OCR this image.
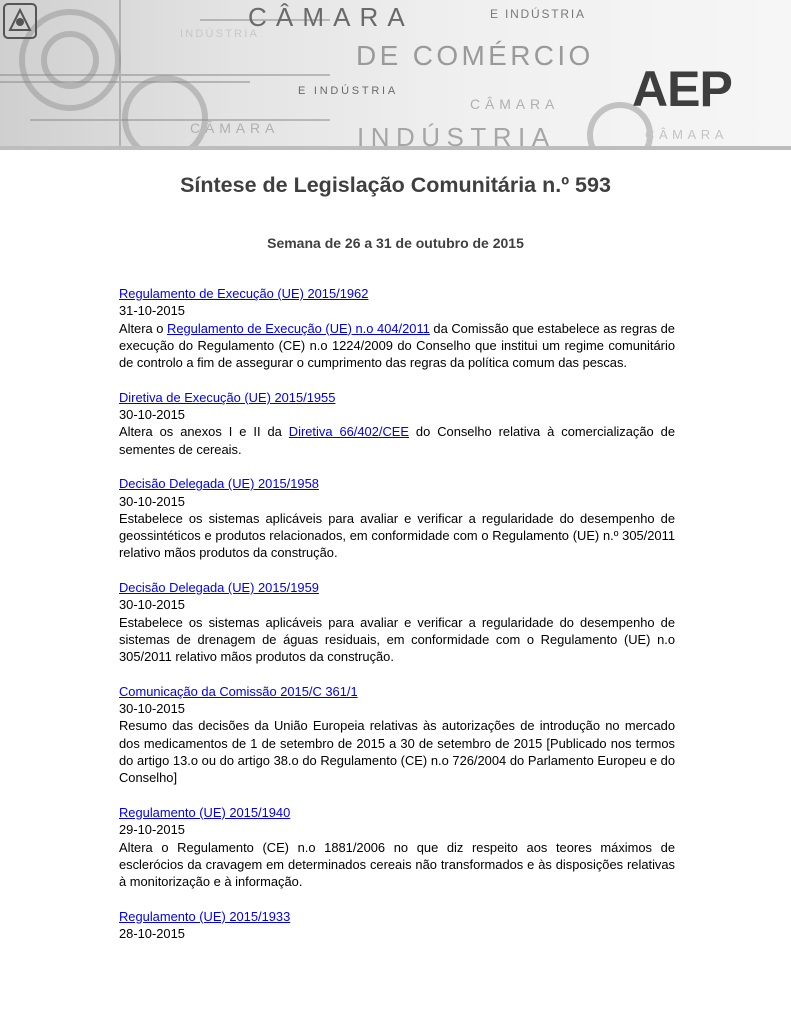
CÂMARA	E INDÚSTRIA
DE COMÉRCIO
E INDÚSTRIA
CÂMARA
INDÚSTRIA
CÂMARA	CÂMARA
INDÚSTRIA
AEP
Síntese de Legislação Comunitária n.º 593
Semana de 26 a 31 de outubro de 2015
Regulamento de Execução (UE) 2015/1962
31-10-2015
Altera o Regulamento de Execução (UE) n.o 404/2011 da Comissão que estabelece as regras de execução do Regulamento (CE) n.o 1224/2009 do Conselho que institui um regime comunitário de controlo a fim de assegurar o cumprimento das regras da política comum das pescas.
Diretiva de Execução (UE) 2015/1955
30-10-2015
Altera os anexos I e II da Diretiva 66/402/CEE do Conselho relativa à comercialização de sementes de cereais.
Decisão Delegada (UE) 2015/1958
30-10-2015
Estabelece os sistemas aplicáveis para avaliar e verificar a regularidade do desempenho de geossintéticos e produtos relacionados, em conformidade com o Regulamento (UE) n.º 305/2011 relativo mãos produtos da construção.
Decisão Delegada (UE) 2015/1959
30-10-2015
Estabelece os sistemas aplicáveis para avaliar e verificar a regularidade do desempenho de sistemas de drenagem de águas residuais, em conformidade com o Regulamento (UE) n.o 305/2011 relativo mãos produtos da construção.
Comunicação da Comissão 2015/C 361/1
30-10-2015
Resumo das decisões da União Europeia relativas às autorizações de introdução no mercado dos medicamentos de 1 de setembro de 2015 a 30 de setembro de 2015 [Publicado nos termos do artigo 13.o ou do artigo 38.o do Regulamento (CE) n.o 726/2004 do Parlamento Europeu e do Conselho]
Regulamento (UE) 2015/1940
29-10-2015
Altera o Regulamento (CE) n.o 1881/2006 no que diz respeito aos teores máximos de esclerócios da cravagem em determinados cereais não transformados e às disposições relativas à monitorização e à informação.
Regulamento (UE) 2015/1933
28-10-2015
